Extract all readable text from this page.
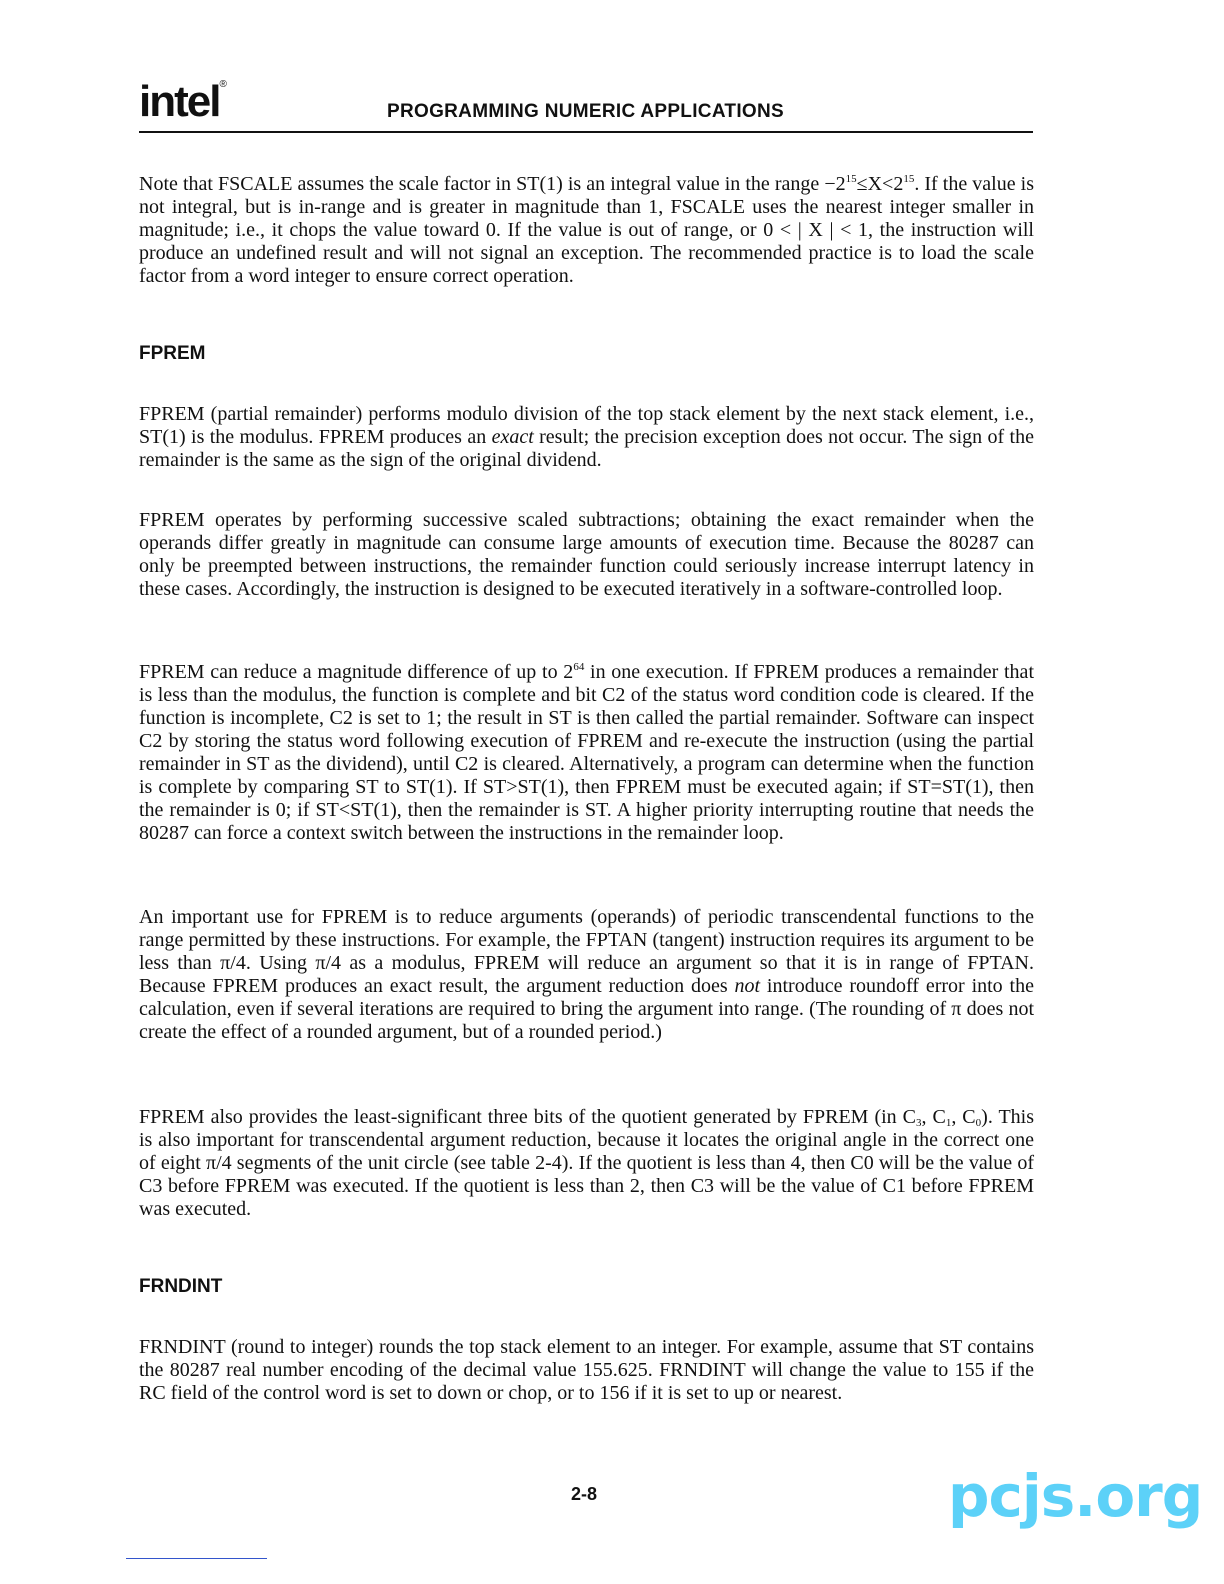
intel®
PROGRAMMING NUMERIC APPLICATIONS

Note that FSCALE assumes the scale factor in ST(1) is an integral value in the range $-2^{15}\le X<2^{15}$. If the value is not integral, but is in-range and is greater in magnitude than 1, FSCALE uses the nearest integer smaller in magnitude; i.e., it chops the value toward 0. If the value is out of range, or 0 < | X | < 1, the instruction will produce an undefined result and will not signal an exception. The recommended practice is to load the scale factor from a word integer to ensure correct operation.

FPREM

FPREM (partial remainder) performs modulo division of the top stack element by the next stack element, i.e., ST(1) is the modulus. FPREM produces an exact result; the precision exception does not occur. The sign of the remainder is the same as the sign of the original dividend.

FPREM operates by performing successive scaled subtractions; obtaining the exact remainder when the operands differ greatly in magnitude can consume large amounts of execution time. Because the 80287 can only be preempted between instructions, the remainder function could seriously increase interrupt latency in these cases. Accordingly, the instruction is designed to be executed iteratively in a software-controlled loop.

FPREM can reduce a magnitude difference of up to $2^{64}$ in one execution. If FPREM produces a remainder that is less than the modulus, the function is complete and bit C2 of the status word condition code is cleared. If the function is incomplete, C2 is set to 1; the result in ST is then called the partial remainder. Software can inspect C2 by storing the status word following execution of FPREM and re-execute the instruction (using the partial remainder in ST as the dividend), until C2 is cleared. Alternatively, a program can determine when the function is complete by comparing ST to ST(1). If ST>ST(1), then FPREM must be executed again; if ST=ST(1), then the remainder is 0; if ST<ST(1), then the remainder is ST. A higher priority interrupting routine that needs the 80287 can force a context switch between the instructions in the remainder loop.

An important use for FPREM is to reduce arguments (operands) of periodic transcendental functions to the range permitted by these instructions. For example, the FPTAN (tangent) instruction requires its argument to be less than π/4. Using π/4 as a modulus, FPREM will reduce an argument so that it is in range of FPTAN. Because FPREM produces an exact result, the argument reduction does not introduce roundoff error into the calculation, even if several iterations are required to bring the argument into range. (The rounding of π does not create the effect of a rounded argument, but of a rounded period.)

FPREM also provides the least-significant three bits of the quotient generated by FPREM (in $C_3$, $C_1$, $C_0$). This is also important for transcendental argument reduction, because it locates the original angle in the correct one of eight π/4 segments of the unit circle (see table 2-4). If the quotient is less than 4, then C0 will be the value of C3 before FPREM was executed. If the quotient is less than 2, then C3 will be the value of C1 before FPREM was executed.

FRNDINT

FRNDINT (round to integer) rounds the top stack element to an integer. For example, assume that ST contains the 80287 real number encoding of the decimal value 155.625. FRNDINT will change the value to 155 if the RC field of the control word is set to down or chop, or to 156 if it is set to up or nearest.

2-8	pcjs.org
